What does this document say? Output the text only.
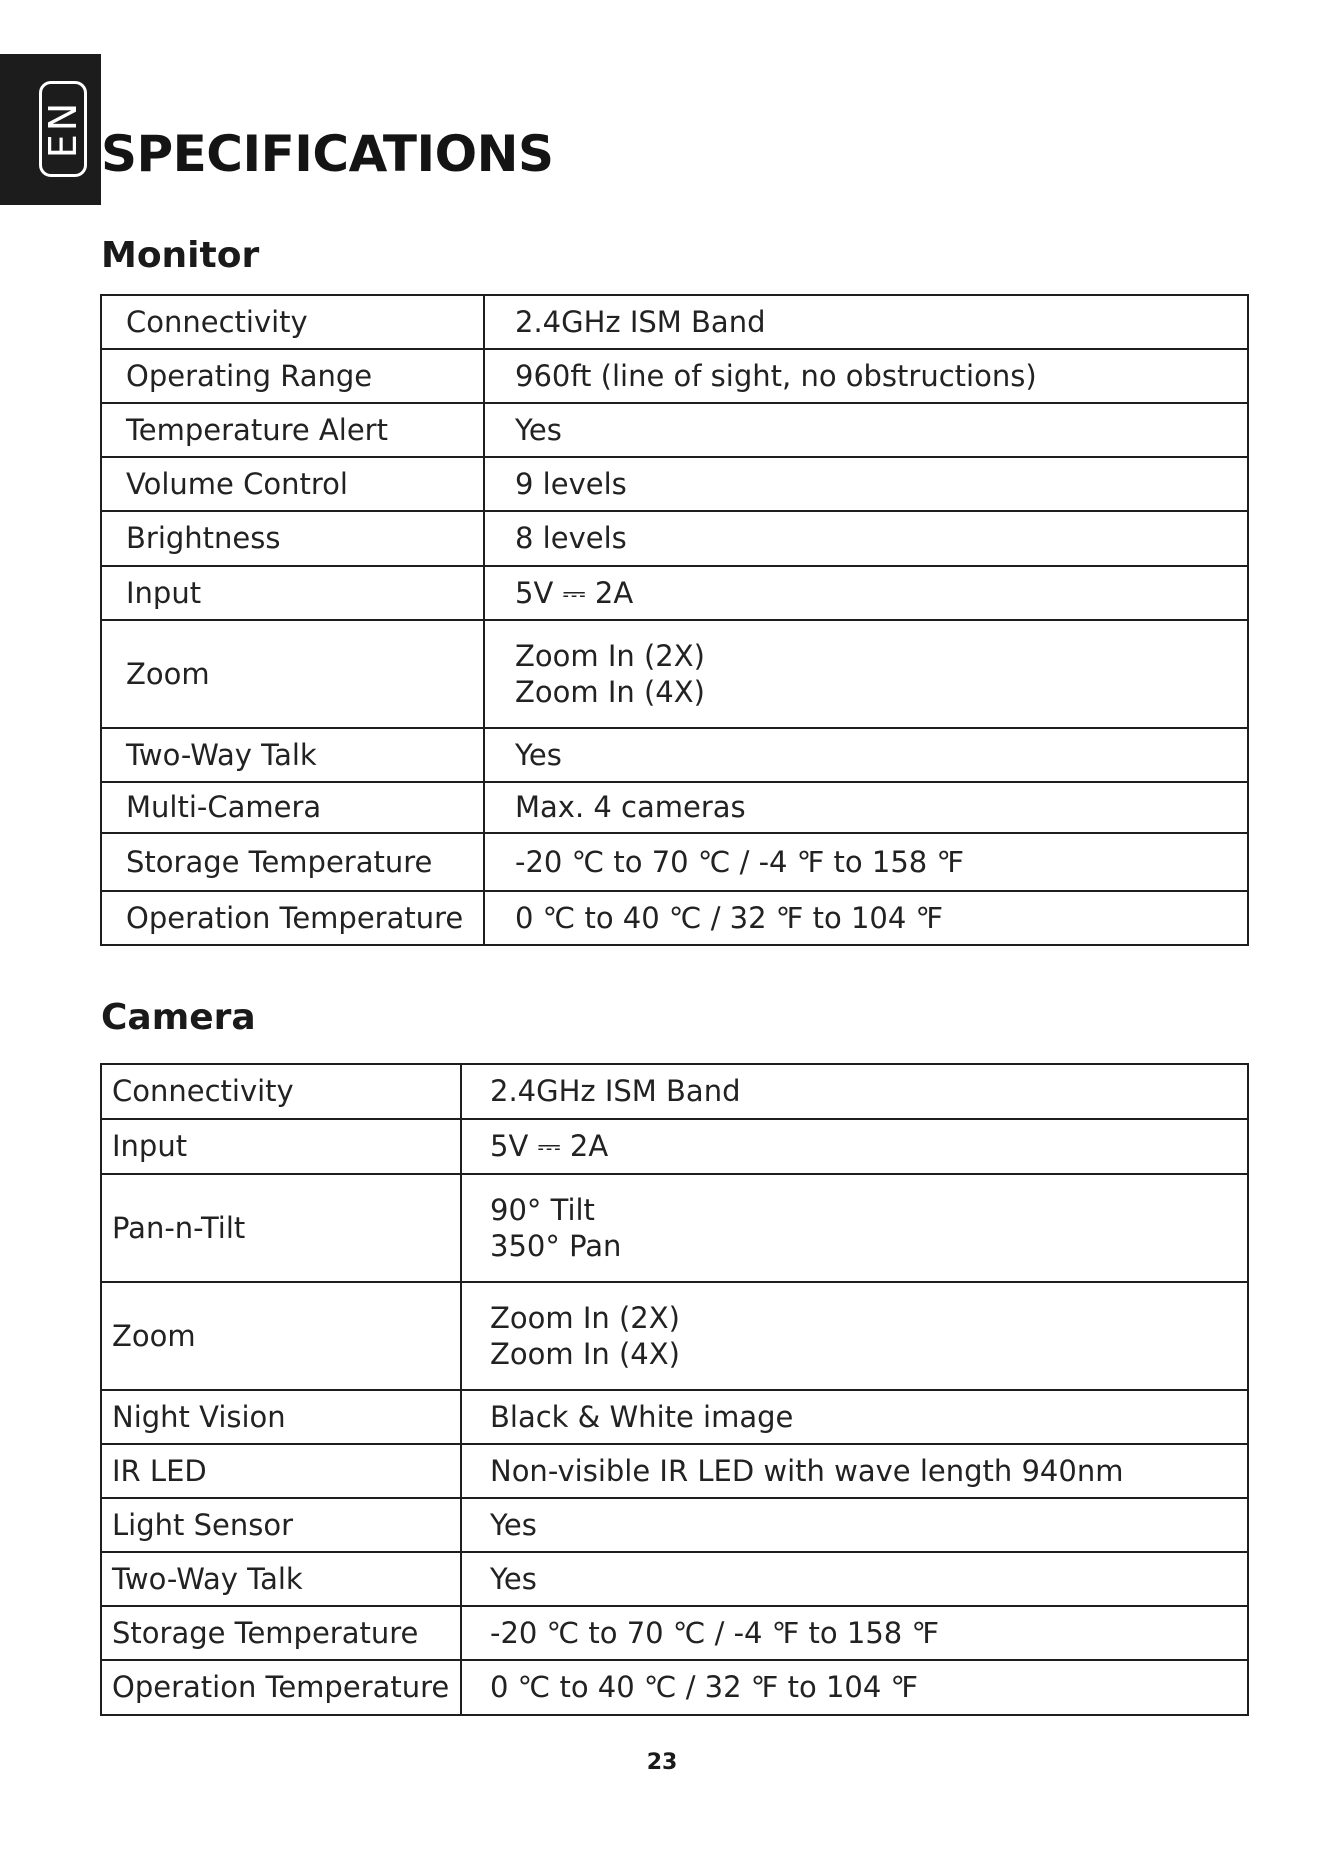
EN SPECIFICATIONS
Monitor
Connectivity	2.4GHz ISM Band

Operating Range	960ft (line of sight, no obstructions)

Temperature Alert	Yes

Volume Control	9 levels

Brightness	8 levels

Input	5V ⎓ 2A

Zoom	Zoom In (2X)
Zoom In (4X)

Two-Way Talk	Yes

Multi-Camera	Max. 4 cameras

Storage Temperature	-20 ℃ to 70 ℃ / -4 ℉ to 158 ℉

Operation Temperature	0 ℃ to 40 ℃ / 32 ℉ to 104 ℉
Camera
Connectivity	2.4GHz ISM Band

Input	5V ⎓ 2A

Pan-n-Tilt	90° Tilt
350° Pan

Zoom	Zoom In (2X)
Zoom In (4X)

Night Vision	Black & White image

IR LED	Non-visible IR LED with wave length 940nm

Light Sensor	Yes

Two-Way Talk	Yes

Storage Temperature	-20 ℃ to 70 ℃ / -4 ℉ to 158 ℉

Operation Temperature	0 ℃ to 40 ℃ / 32 ℉ to 104 ℉
23
